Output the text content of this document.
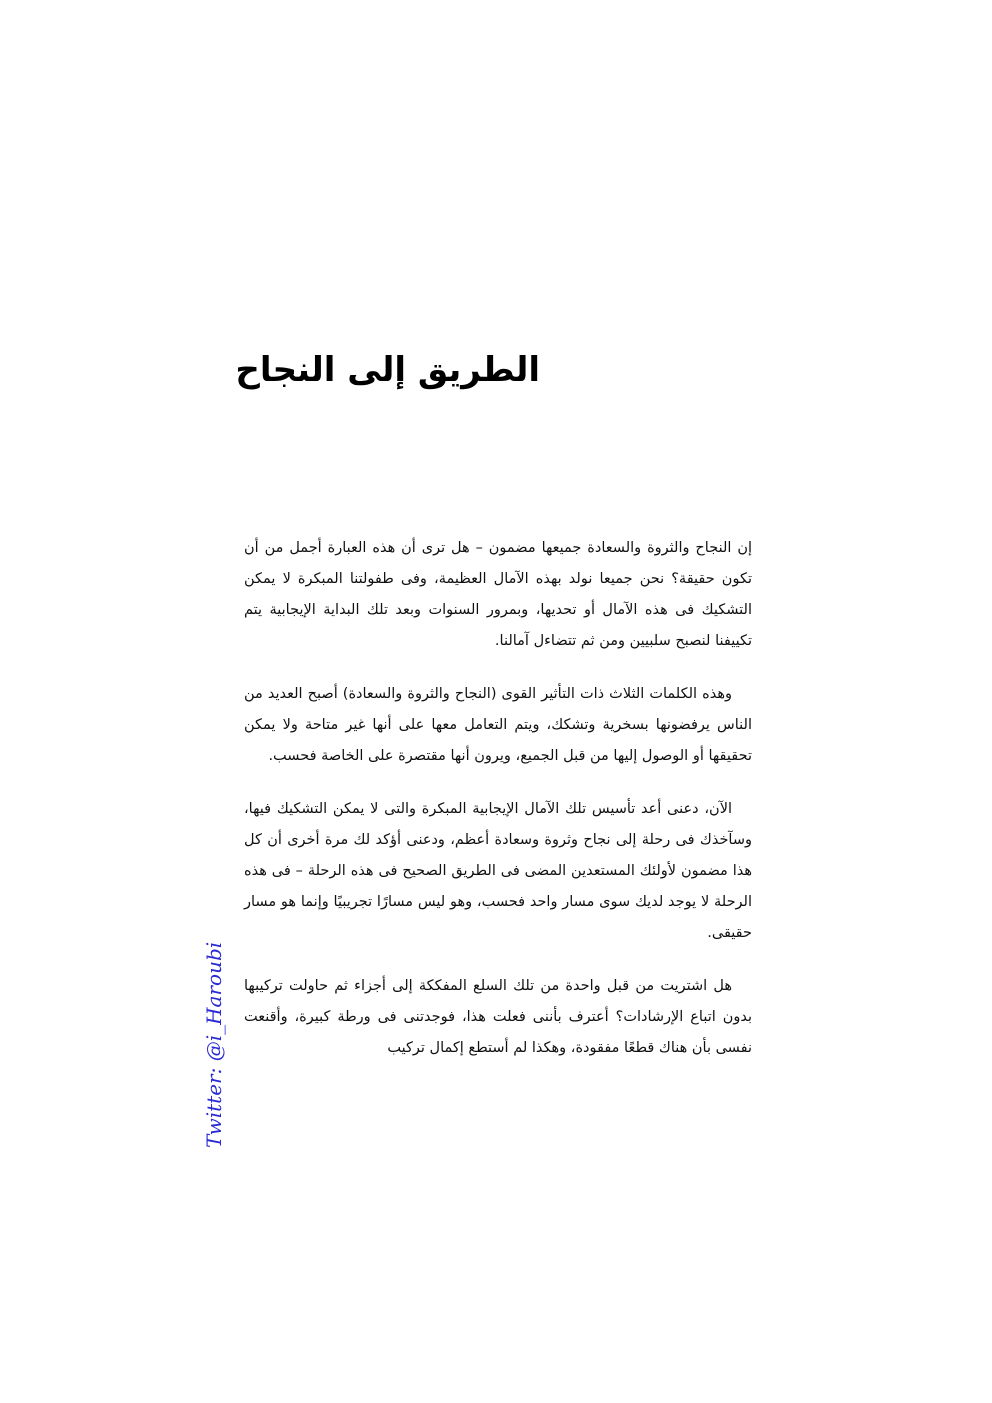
الطريق إلى النجاح

إن النجاح والثروة والسعادة جميعها مضمون – هل ترى أن هذه العبارة أجمل من أن تكون حقيقة؟ نحن جميعا نولد بهذه الآمال العظيمة، وفى طفولتنا المبكرة لا يمكن التشكيك فى هذه الآمال أو تحديها، وبمرور السنوات وبعد تلك البداية الإيجابية يتم تكييفنا لنصبح سلبيين ومن ثم تتضاءل آمالنا.

وهذه الكلمات الثلاث ذات التأثير القوى (النجاح والثروة والسعادة) أصبح العديد من الناس يرفضونها بسخرية وتشكك، ويتم التعامل معها على أنها غير متاحة ولا يمكن تحقيقها أو الوصول إليها من قبل الجميع، ويرون أنها مقتصرة على الخاصة فحسب.

الآن، دعنى أعد تأسيس تلك الآمال الإيجابية المبكرة والتى لا يمكن التشكيك فيها، وسآخذك فى رحلة إلى نجاح وثروة وسعادة أعظم، ودعنى أؤكد لك مرة أخرى أن كل هذا مضمون لأولئك المستعدين المضى فى الطريق الصحيح فى هذه الرحلة – فى هذه الرحلة لا يوجد لديك سوى مسار واحد فحسب، وهو ليس مسارًا تجريبيًا وإنما هو مسار حقيقى.

هل اشتريت من قبل واحدة من تلك السلع المفككة إلى أجزاء ثم حاولت تركيبها بدون اتباع الإرشادات؟ أعترف بأننى فعلت هذا، فوجدتنى فى ورطة كبيرة، وأقنعت نفسى بأن هناك قطعًا مفقودة، وهكذا لم أستطع إكمال تركيب

Twitter: @i_Haroubi
